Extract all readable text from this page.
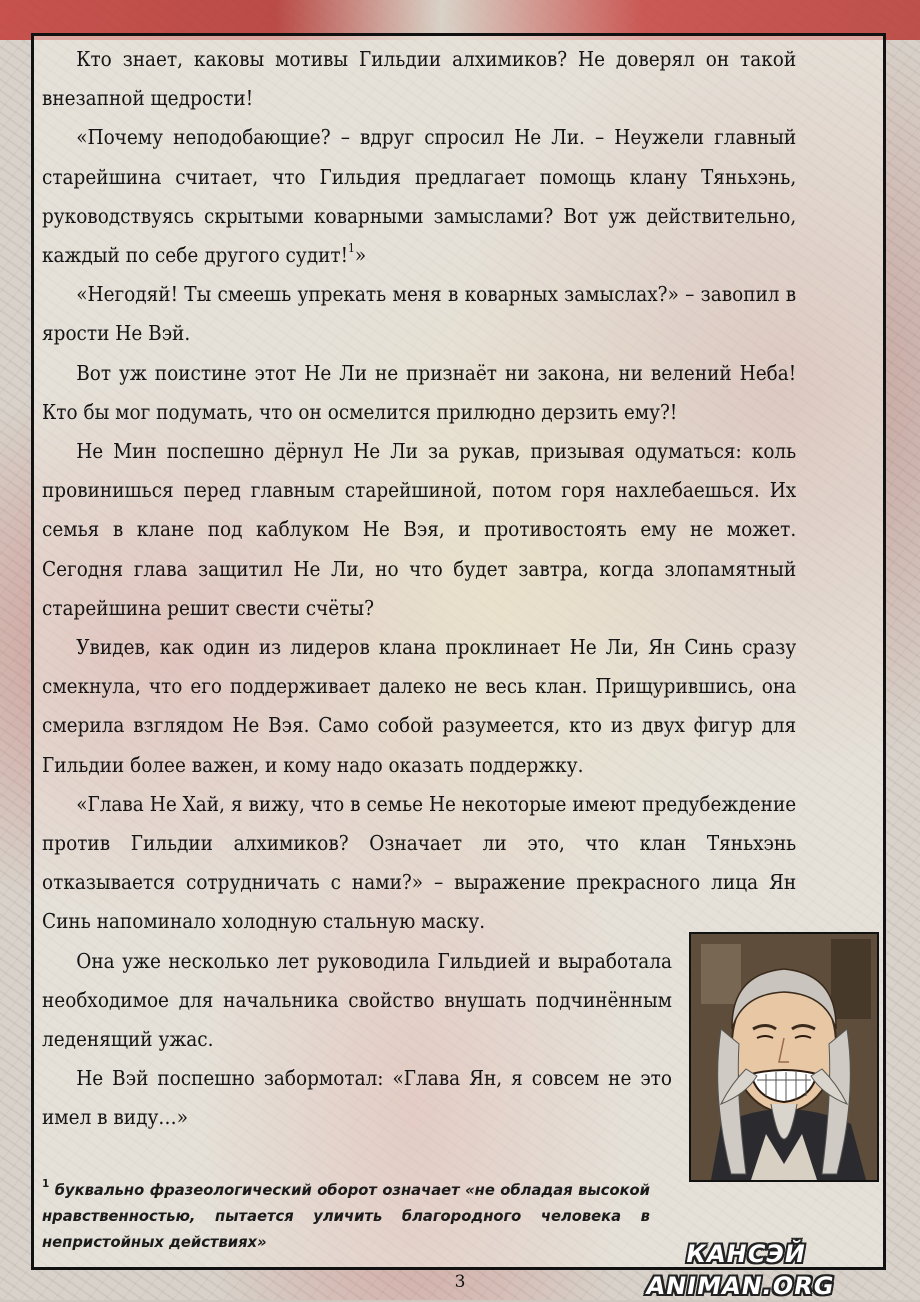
Кто знает, каковы мотивы Гильдии алхимиков? Не доверял он такой внезапной щедрости!

«Почему неподобающие? – вдруг спросил Не Ли. – Неужели главный старейшина считает, что Гильдия предлагает помощь клану Тяньхэнь, руководствуясь скрытыми коварными замыслами? Вот уж действительно, каждый по себе другого судит!$^1$»

«Негодяй! Ты смеешь упрекать меня в коварных замыслах?» – завопил в ярости Не Вэй.

Вот уж поистине этот Не Ли не признаёт ни закона, ни велений Неба! Кто бы мог подумать, что он осмелится прилюдно дерзить ему?!

Не Мин поспешно дёрнул Не Ли за рукав, призывая одуматься: коль провинишься перед главным старейшиной, потом горя нахлебаешься. Их семья в клане под каблуком Не Вэя, и противостоять ему не может. Сегодня глава защитил Не Ли, но что будет завтра, когда злопамятный старейшина решит свести счёты?

Увидев, как один из лидеров клана проклинает Не Ли, Ян Синь сразу смекнула, что его поддерживает далеко не весь клан. Прищурившись, она смерила взглядом Не Вэя. Само собой разумеется, кто из двух фигур для Гильдии более важен, и кому надо оказать поддержку.

«Глава Не Хай, я вижу, что в семье Не некоторые имеют предубеждение против Гильдии алхимиков? Означает ли это, что клан Тяньхэнь отказывается сотрудничать с нами?» – выражение прекрасного лица Ян Синь напоминало холодную стальную маску.

Она уже несколько лет руководила Гильдией и выработала необходимое для начальника свойство внушать подчинённым леденящий ужас.

Не Вэй поспешно забормотал: «Глава Ян, я совсем не это имел в виду…»

$^1$ буквально фразеологический оборот означает «не обладая высокой нравственностью, пытается уличить благородного человека в непристойных действиях»	КАНСЭЙ ANIMAN.ORG
3
